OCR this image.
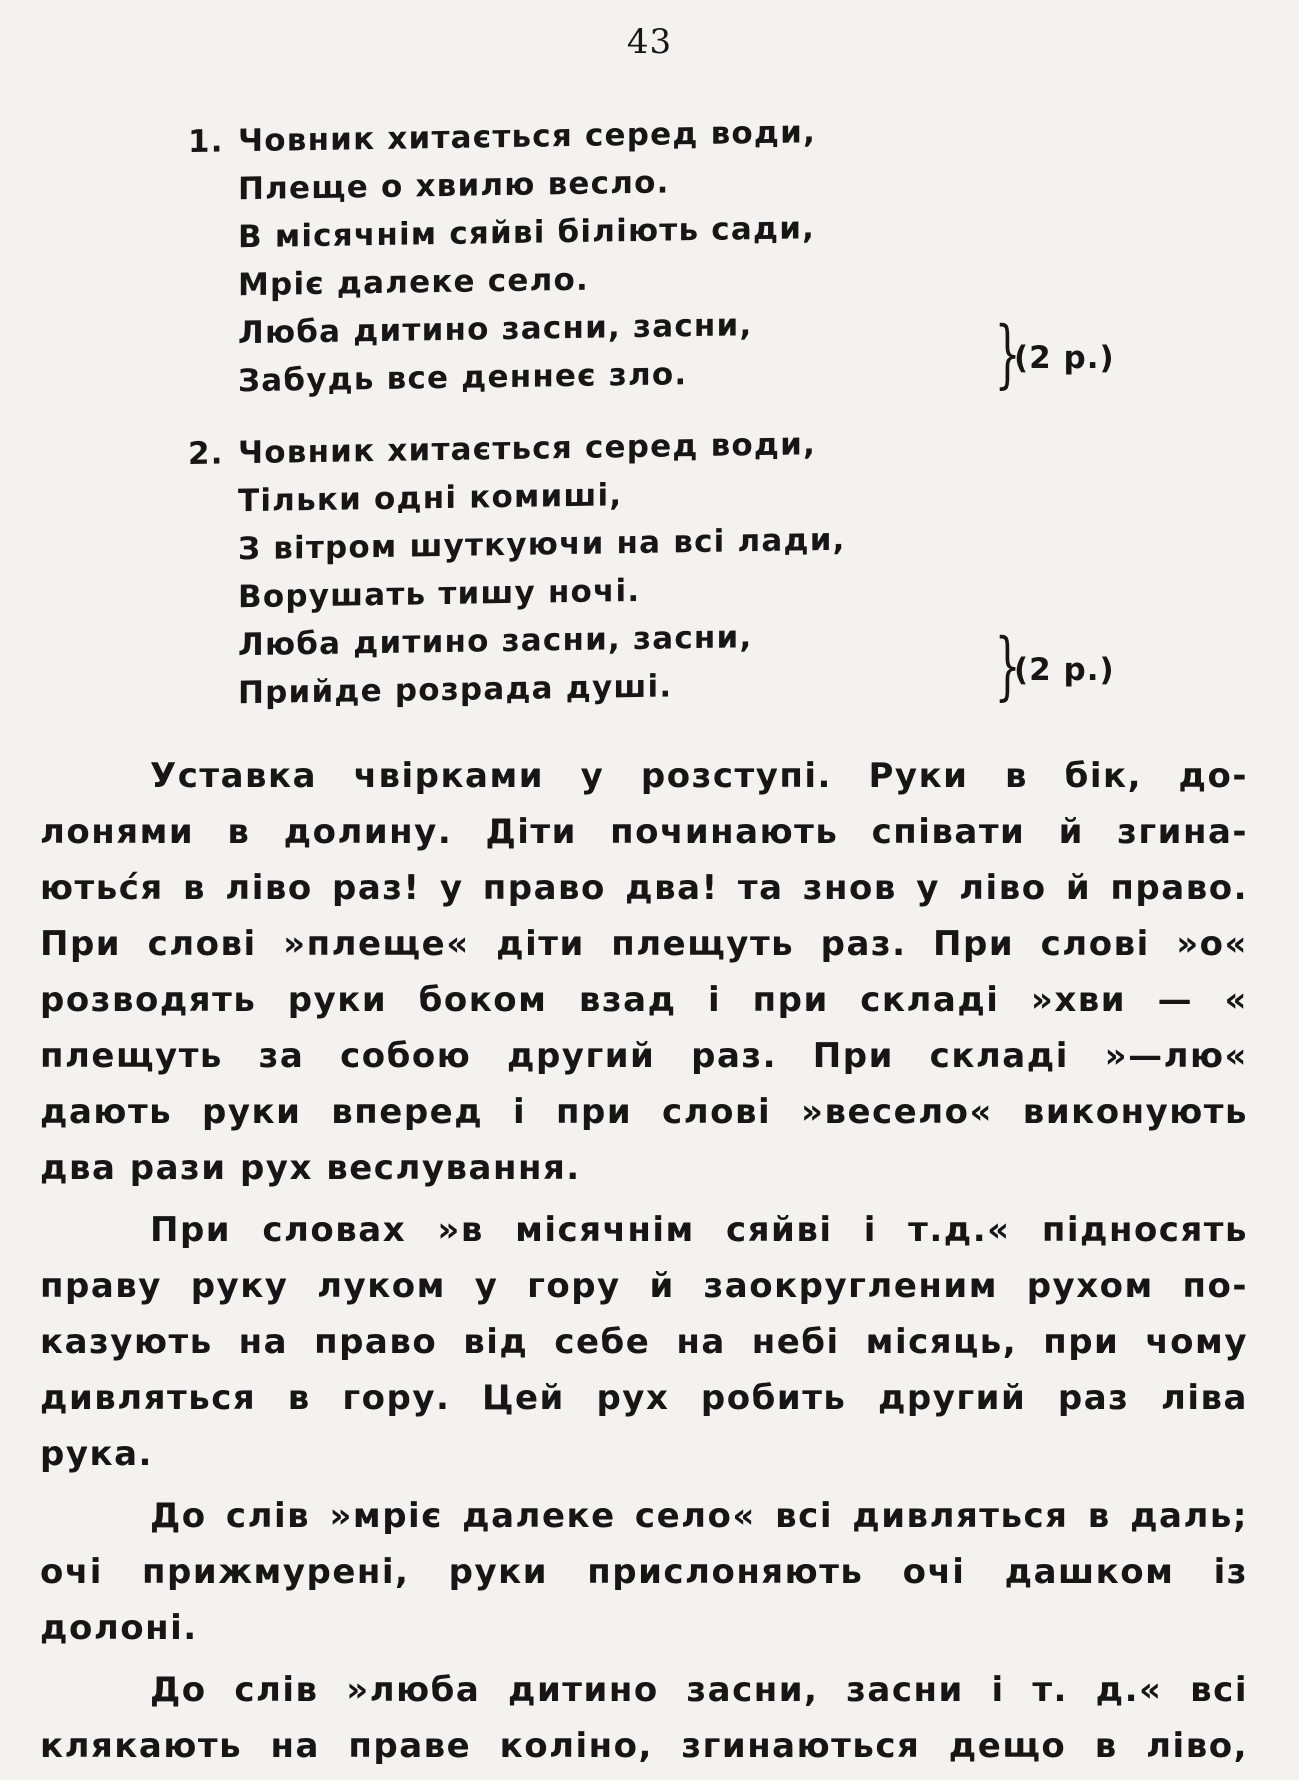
43
1. Човник хитається серед води,
Плеще о хвилю весло.
В місячнім сяйві біліють сади,
Мріє далеке село.
Люба дитино засни, засни,
Забудь все деннеє зло.	}
(2 р.)
2. Човник хитається серед води,
Тільки одні комиші,
З вітром шуткуючи на всі лади,
Ворушать тишу ночі.
Люба дитино засни, засни,
Прийде розрада душі.	}
(2 р.)
Уставка чвірками у розступі. Руки в бік, до-
лонями в долину. Діти починають співати й згина-
ютьс́я в ліво раз! у право два! та знов у ліво й право.
При слові »плеще« діти плещуть раз. При слові »о«
розводять руки боком взад і при складі »хви — «
плещуть за собою другий раз. При складі »—лю«
дають руки вперед і при слові »весело« виконують
два рази рух веслування.
При словах »в місячнім сяйві і т.д.« підносять
праву руку луком у гору й заокругленим рухом по-
казують на право від себе на небі місяць, при чому
дивляться в гору. Цей рух робить другий раз ліва
рука.
До слів »мріє далеке село« всі дивляться в даль;
очі прижмурені, руки прислоняють очі дашком із
долоні.
До слів »люба дитино засни, засни і т. д.« всі
клякають на праве коліно, згинаються дещо в ліво,
